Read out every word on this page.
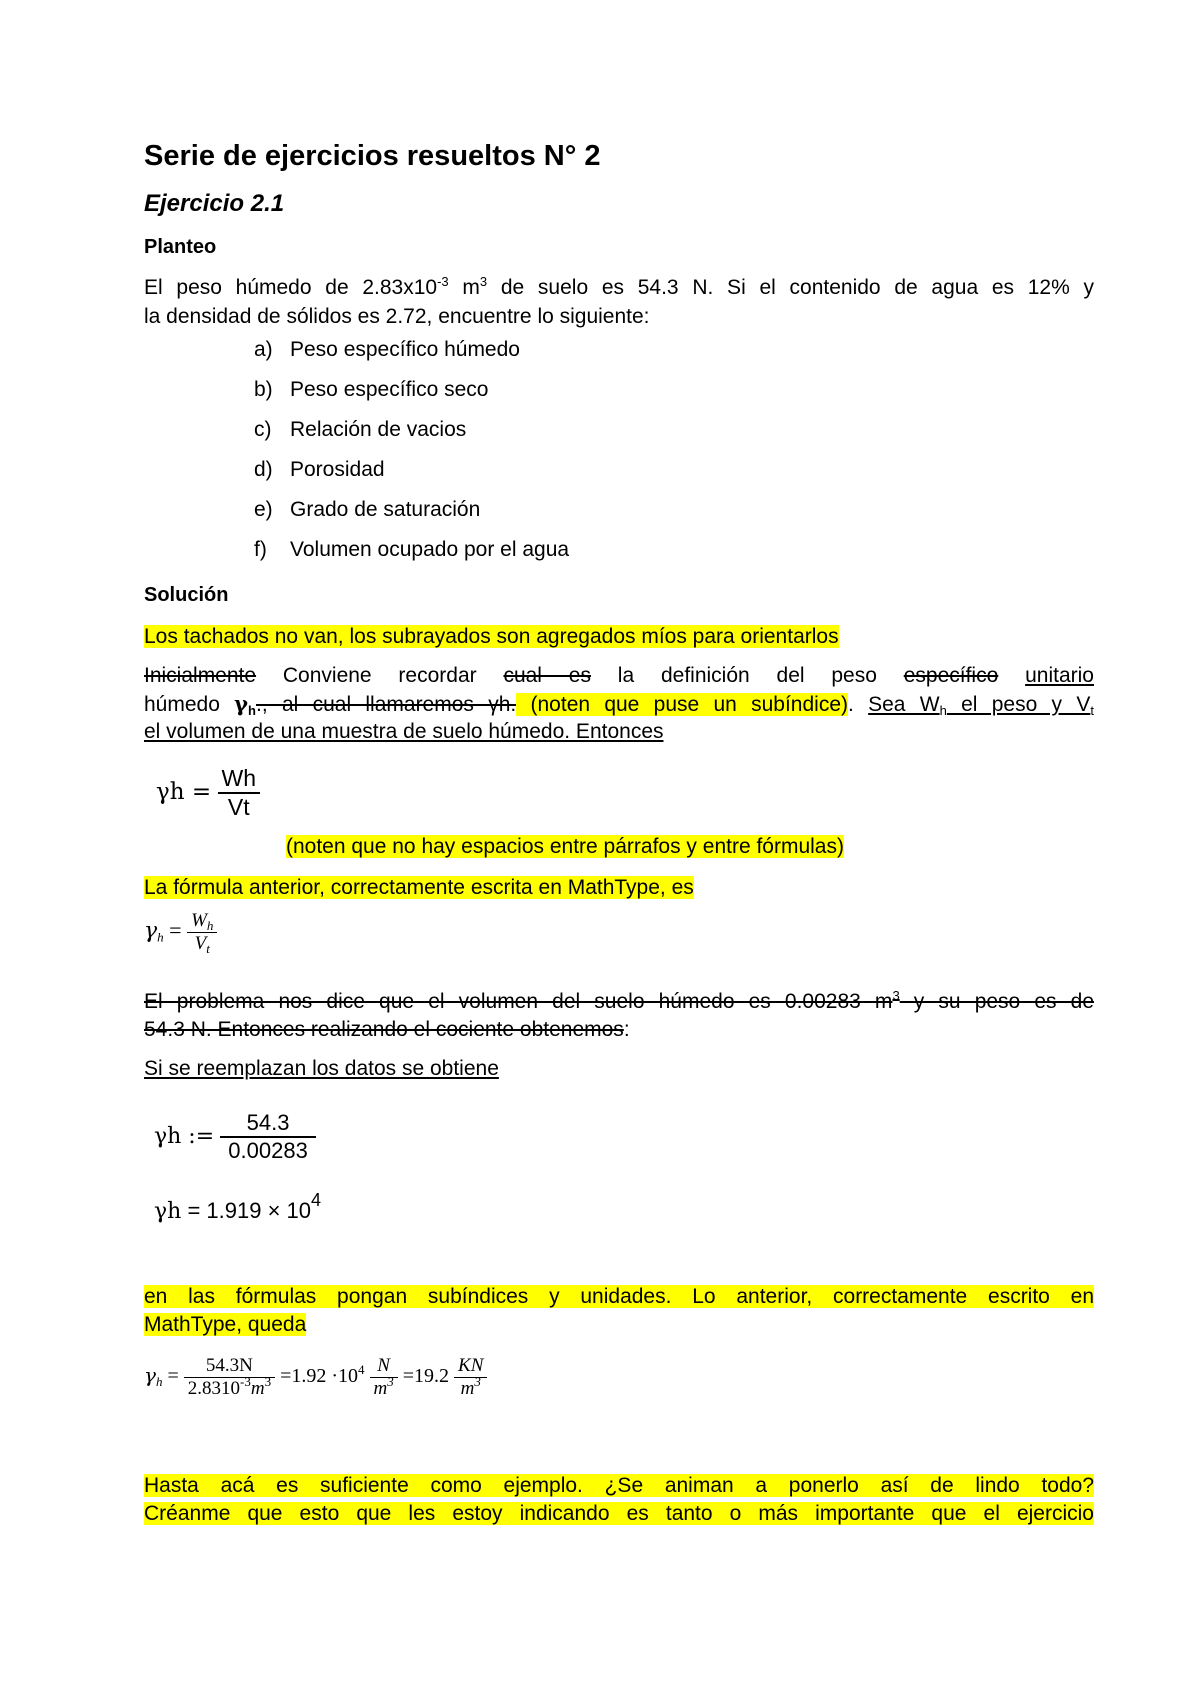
Serie de ejercicios resueltos N° 2
Ejercicio 2.1
Planteo
El peso húmedo de $2.83x10^{-3}$ $m^3$ de suelo es 54.3 N. Si el contenido de agua es 12% y
la densidad de sólidos es 2.72, encuentre lo siguiente:
a) Peso específico húmedo
b) Peso específico seco
c) Relación de vacios
d) Porosidad
e) Grado de saturación
f) Volumen ocupado por el agua
Solución
Los tachados no van, los subrayados son agregados míos para orientarlos
Inicialmente Conviene recordar cual es la definición del peso específico unitario
húmedo $\gamma_h$., al cual llamaremos γh. (noten que puse un subíndice). Sea $W_h$ el peso y $V_t$
el volumen de una muestra de suelo húmedo. Entonces
$\gamma h = \frac{Wh}{Vt}$
(noten que no hay espacios entre párrafos y entre fórmulas)
La fórmula anterior, correctamente escrita en MathType, es
$\gamma_h = \frac{W_h}{V_t}$
El problema nos dice que el volumen del suelo húmedo es 0.00283 $m^3$ y su peso es de
54.3 N. Entonces realizando el cociente obtenemos:
Si se reemplazan los datos se obtiene
γh := $\frac{54.3}{0.00283}$
$\gamma h = 1.919 \times 10^4$
en las fórmulas pongan subíndices y unidades. Lo anterior, correctamente escrito en
MathType, queda
$\gamma_h = \frac{54.3N}{2.8310^{-3}m^3} =1.92 \cdot 10^4 \frac{N}{m^3} =19.2 \frac{KN}{m^3}$
Hasta acá es suficiente como ejemplo. ¿Se animan a ponerlo así de lindo todo?
Créanme que esto que les estoy indicando es tanto o más importante que el ejercicio
